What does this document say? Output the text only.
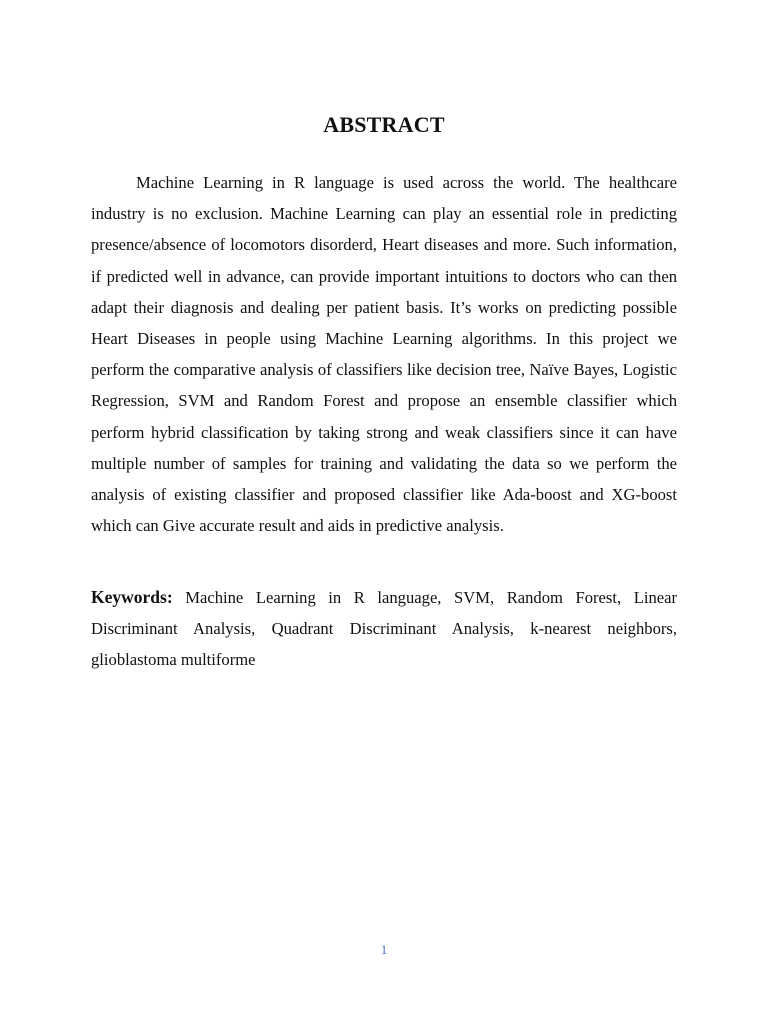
ABSTRACT

Machine Learning in R language is used across the world. The healthcare industry is no exclusion. Machine Learning can play an essential role in predicting presence/absence of locomotors disorderd, Heart diseases and more. Such information, if predicted well in advance, can provide important intuitions to doctors who can then adapt their diagnosis and dealing per patient basis. It’s works on predicting possible Heart Diseases in people using Machine Learning algorithms. In this project we perform the comparative analysis of classifiers like decision tree, Naïve Bayes, Logistic Regression, SVM and Random Forest and propose an ensemble classifier which perform hybrid classification by taking strong and weak classifiers since it can have multiple number of samples for training and validating the data so we perform the analysis of existing classifier and proposed classifier like Ada-boost and XG-boost which can Give accurate result and aids in predictive analysis.

Keywords: Machine Learning in R language, SVM, Random Forest, Linear Discriminant Analysis, Quadrant Discriminant Analysis, k-nearest neighbors, glioblastoma multiforme

1
